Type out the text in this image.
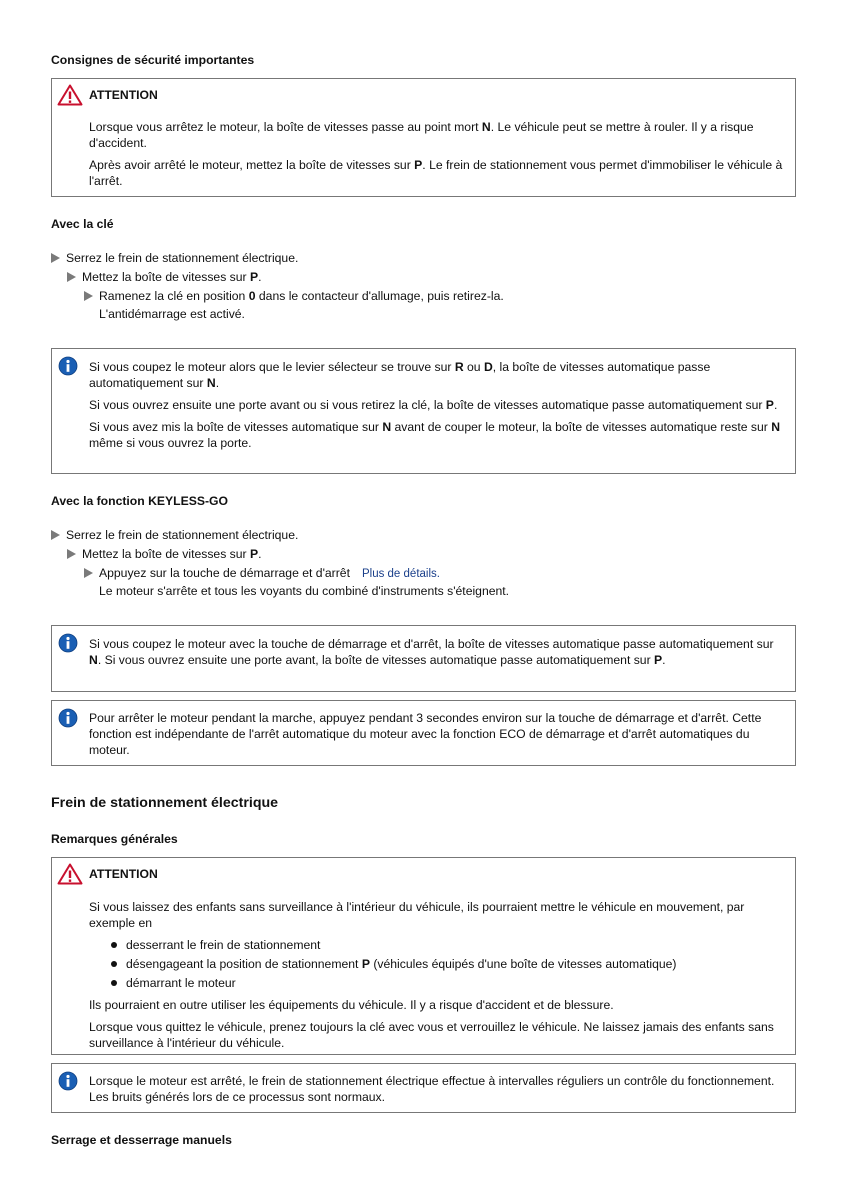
Consignes de sécurité importantes
ATTENTION

Lorsque vous arrêtez le moteur, la boîte de vitesses passe au point mort N. Le véhicule peut se mettre à rouler. Il y a risque d'accident.

Après avoir arrêté le moteur, mettez la boîte de vitesses sur P. Le frein de stationnement vous permet d'immobiliser le véhicule à l'arrêt.

Avec la clé
Serrez le frein de stationnement électrique.
Mettez la boîte de vitesses sur P.
Ramenez la clé en position 0 dans le contacteur d'allumage, puis retirez-la.
L'antidémarrage est activé.

Si vous coupez le moteur alors que le levier sélecteur se trouve sur R ou D, la boîte de vitesses automatique passe automatiquement sur N.

Si vous ouvrez ensuite une porte avant ou si vous retirez la clé, la boîte de vitesses automatique passe automatiquement sur P.

Si vous avez mis la boîte de vitesses automatique sur N avant de couper le moteur, la boîte de vitesses automatique reste sur N même si vous ouvrez la porte.

Avec la fonction KEYLESS-GO
Serrez le frein de stationnement électrique.
Mettez la boîte de vitesses sur P.
Appuyez sur la touche de démarrage et d'arrêt Plus de détails.
Le moteur s'arrête et tous les voyants du combiné d'instruments s'éteignent.

Si vous coupez le moteur avec la touche de démarrage et d'arrêt, la boîte de vitesses automatique passe automatiquement sur N. Si vous ouvrez ensuite une porte avant, la boîte de vitesses automatique passe automatiquement sur P.

Pour arrêter le moteur pendant la marche, appuyez pendant 3 secondes environ sur la touche de démarrage et d'arrêt. Cette fonction est indépendante de l'arrêt automatique du moteur avec la fonction ECO de démarrage et d'arrêt automatiques du moteur.

Frein de stationnement électrique
Remarques générales
ATTENTION

Si vous laissez des enfants sans surveillance à l'intérieur du véhicule, ils pourraient mettre le véhicule en mouvement, par exemple en

desserrant le frein de stationnement
désengageant la position de stationnement P (véhicules équipés d'une boîte de vitesses automatique)
démarrant le moteur

Ils pourraient en outre utiliser les équipements du véhicule. Il y a risque d'accident et de blessure.

Lorsque vous quittez le véhicule, prenez toujours la clé avec vous et verrouillez le véhicule. Ne laissez jamais des enfants sans surveillance à l'intérieur du véhicule.

Lorsque le moteur est arrêté, le frein de stationnement électrique effectue à intervalles réguliers un contrôle du fonctionnement. Les bruits générés lors de ce processus sont normaux.

Serrage et desserrage manuels
